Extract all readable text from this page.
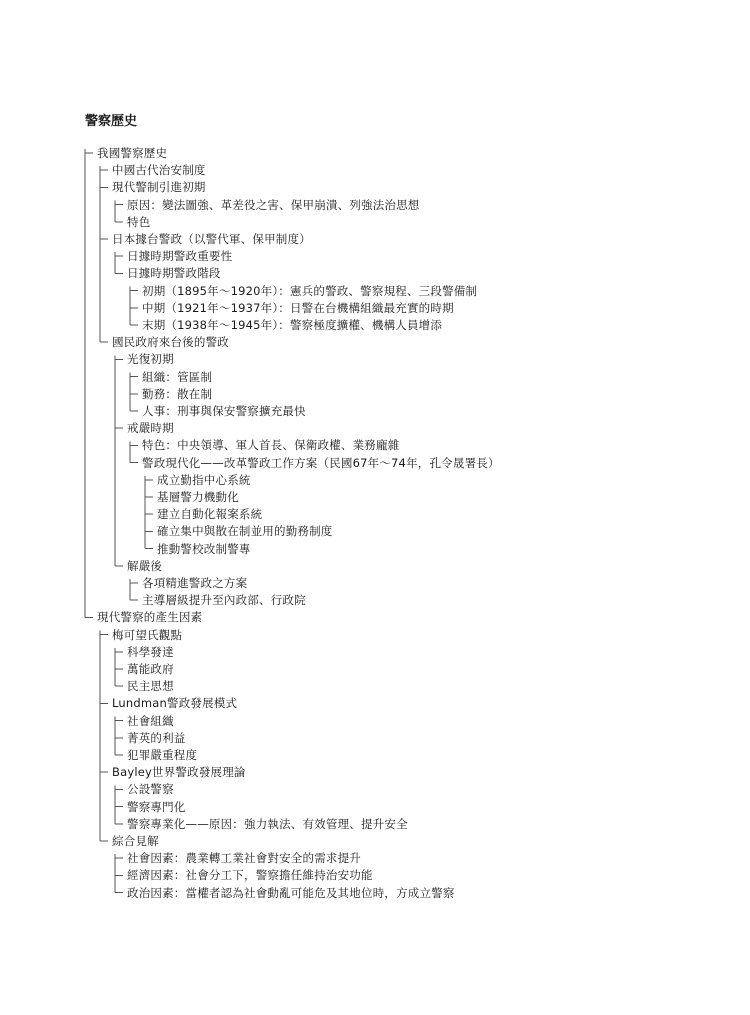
警察歷史
我國警察歷史
中國古代治安制度
現代警制引進初期
原因：變法圖強、革差役之害、保甲崩潰、列強法治思想
特色
日本據台警政（以警代軍、保甲制度）
日據時期警政重要性
日據時期警政階段
初期（1895年～1920年）：憲兵的警政、警察規程、三段警備制
中期（1921年～1937年）：日警在台機構組織最充實的時期
末期（1938年～1945年）：警察極度擴權、機構人員增添
國民政府來台後的警政
光復初期
組織：管區制
勤務：散在制
人事：刑事與保安警察擴充最快
戒嚴時期
特色：中央領導、軍人首長、保衛政權、業務龐雜
警政現代化——改革警政工作方案（民國67年～74年，孔令晟署長）
成立勤指中心系統
基層警力機動化
建立自動化報案系統
確立集中與散在制並用的勤務制度
推動警校改制警專
解嚴後
各項精進警政之方案
主導層級提升至內政部、行政院
現代警察的產生因素
梅可望氏觀點
科學發達
萬能政府
民主思想
Lundman警政發展模式
社會組織
菁英的利益
犯罪嚴重程度
Bayley世界警政發展理論
公設警察
警察專門化
警察專業化——原因：強力執法、有效管理、提升安全
綜合見解
社會因素：農業轉工業社會對安全的需求提升
經濟因素：社會分工下，警察擔任維持治安功能
政治因素：當權者認為社會動亂可能危及其地位時，方成立警察
